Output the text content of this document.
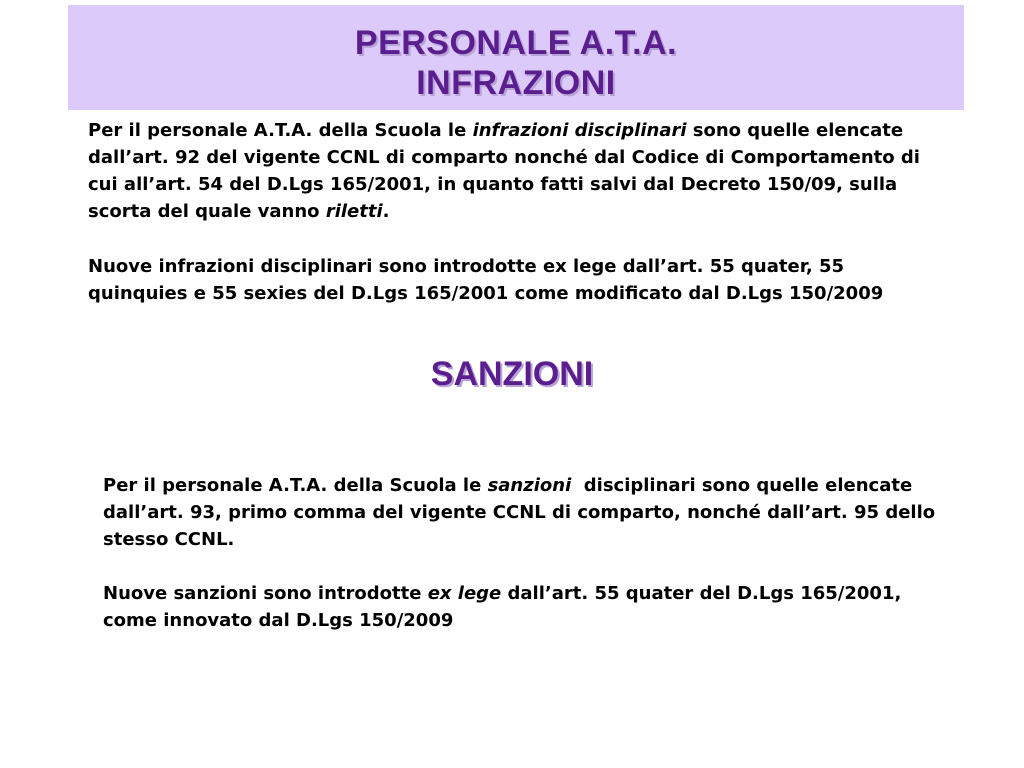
PERSONALE A.T.A.
INFRAZIONI

Per il personale A.T.A. della Scuola le infrazioni disciplinari sono quelle elencate dall’art. 92 del vigente CCNL di comparto nonché dal Codice di Comportamento di cui all’art. 54 del D.Lgs 165/2001, in quanto fatti salvi dal Decreto 150/09, sulla scorta del quale vanno riletti.

Nuove infrazioni disciplinari sono introdotte ex lege dall’art. 55 quater, 55 quinquies e 55 sexies del D.Lgs 165/2001 come modificato dal D.Lgs 150/2009

SANZIONI

Per il personale A.T.A. della Scuola le sanzioni  disciplinari sono quelle elencate dall’art. 93, primo comma del vigente CCNL di comparto, nonché dall’art. 95 dello stesso CCNL.

Nuove sanzioni sono introdotte ex lege dall’art. 55 quater del D.Lgs 165/2001, come innovato dal D.Lgs 150/2009
